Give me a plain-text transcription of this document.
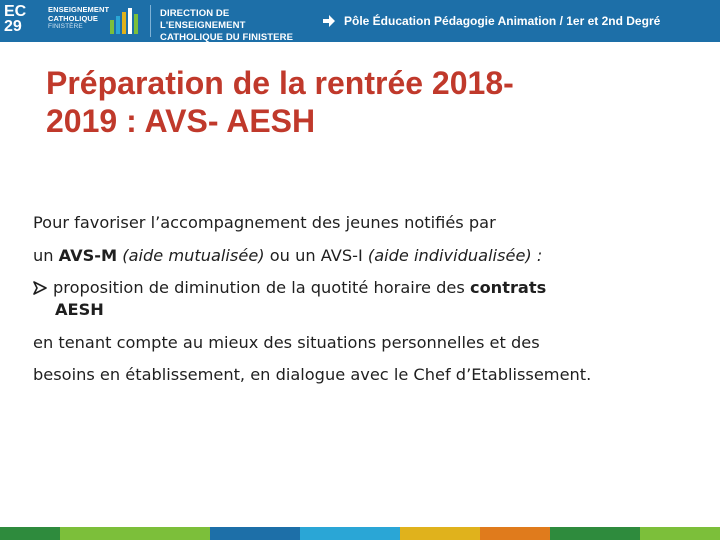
EC
29
ENSEIGNEMENT
CATHOLIQUE
FINISTÈRE
DIRECTION DE L'ENSEIGNEMENT
CATHOLIQUE DU FINISTERE
Pôle Éducation Pédagogie Animation / 1er et 2nd Degré
Préparation de la rentrée 2018-
2019 : AVS- AESH
Pour favoriser l’accompagnement des jeunes notifiés par
un AVS-M (aide mutualisée) ou un AVS-I (aide individualisée) :
proposition de diminution de la quotité horaire des contrats
AESH
en tenant compte au mieux des situations personnelles et des
besoins en établissement, en dialogue avec le Chef d’Etablissement.
